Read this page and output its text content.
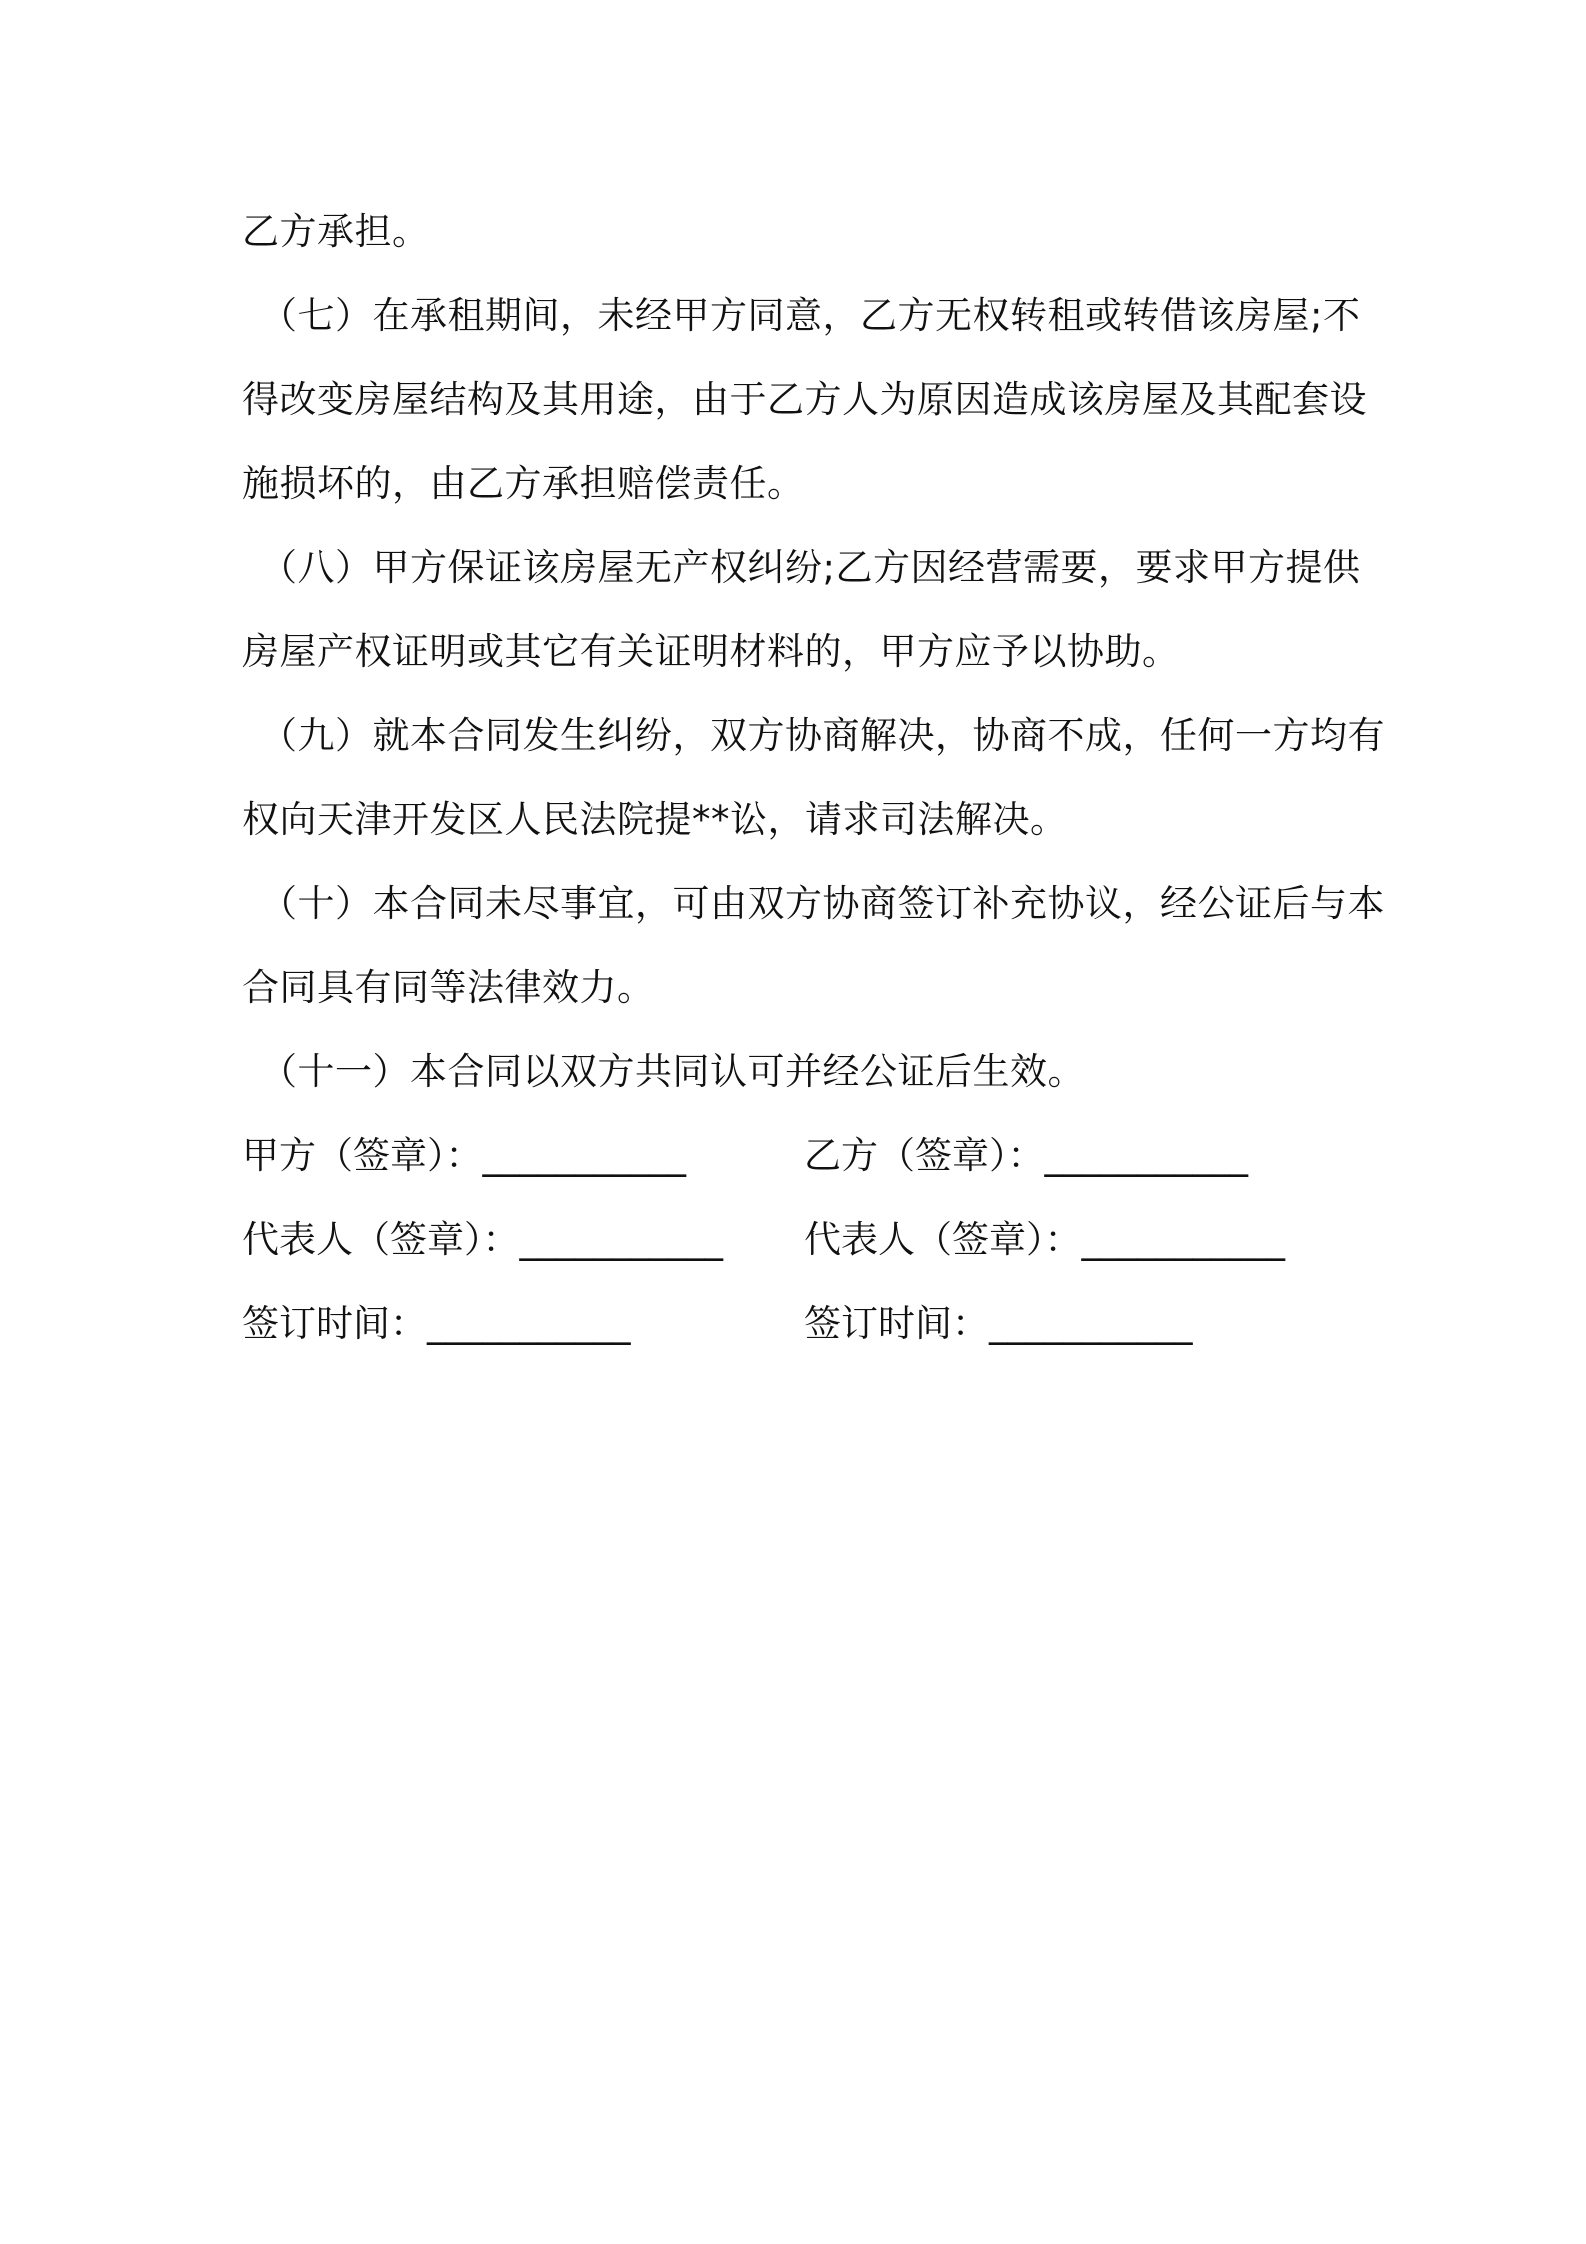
乙方承担。
（七）在承租期间，未经甲方同意，乙方无权转租或转借该房屋;不
得改变房屋结构及其用途，由于乙方人为原因造成该房屋及其配套设
施损坏的，由乙方承担赔偿责任。
（八）甲方保证该房屋无产权纠纷;乙方因经营需要，要求甲方提供
房屋产权证明或其它有关证明材料的，甲方应予以协助。
（九）就本合同发生纠纷，双方协商解决，协商不成，任何一方均有
权向天津开发区人民法院提**讼，请求司法解决。
（十）本合同未尽事宜，可由双方协商签订补充协议，经公证后与本
合同具有同等法律效力。
（十一）本合同以双方共同认可并经公证后生效。
甲方（签章）：___________	乙方（签章）：___________
代表人（签章）：___________ 代表人（签章）：___________
签订时间：___________	签订时间：___________
